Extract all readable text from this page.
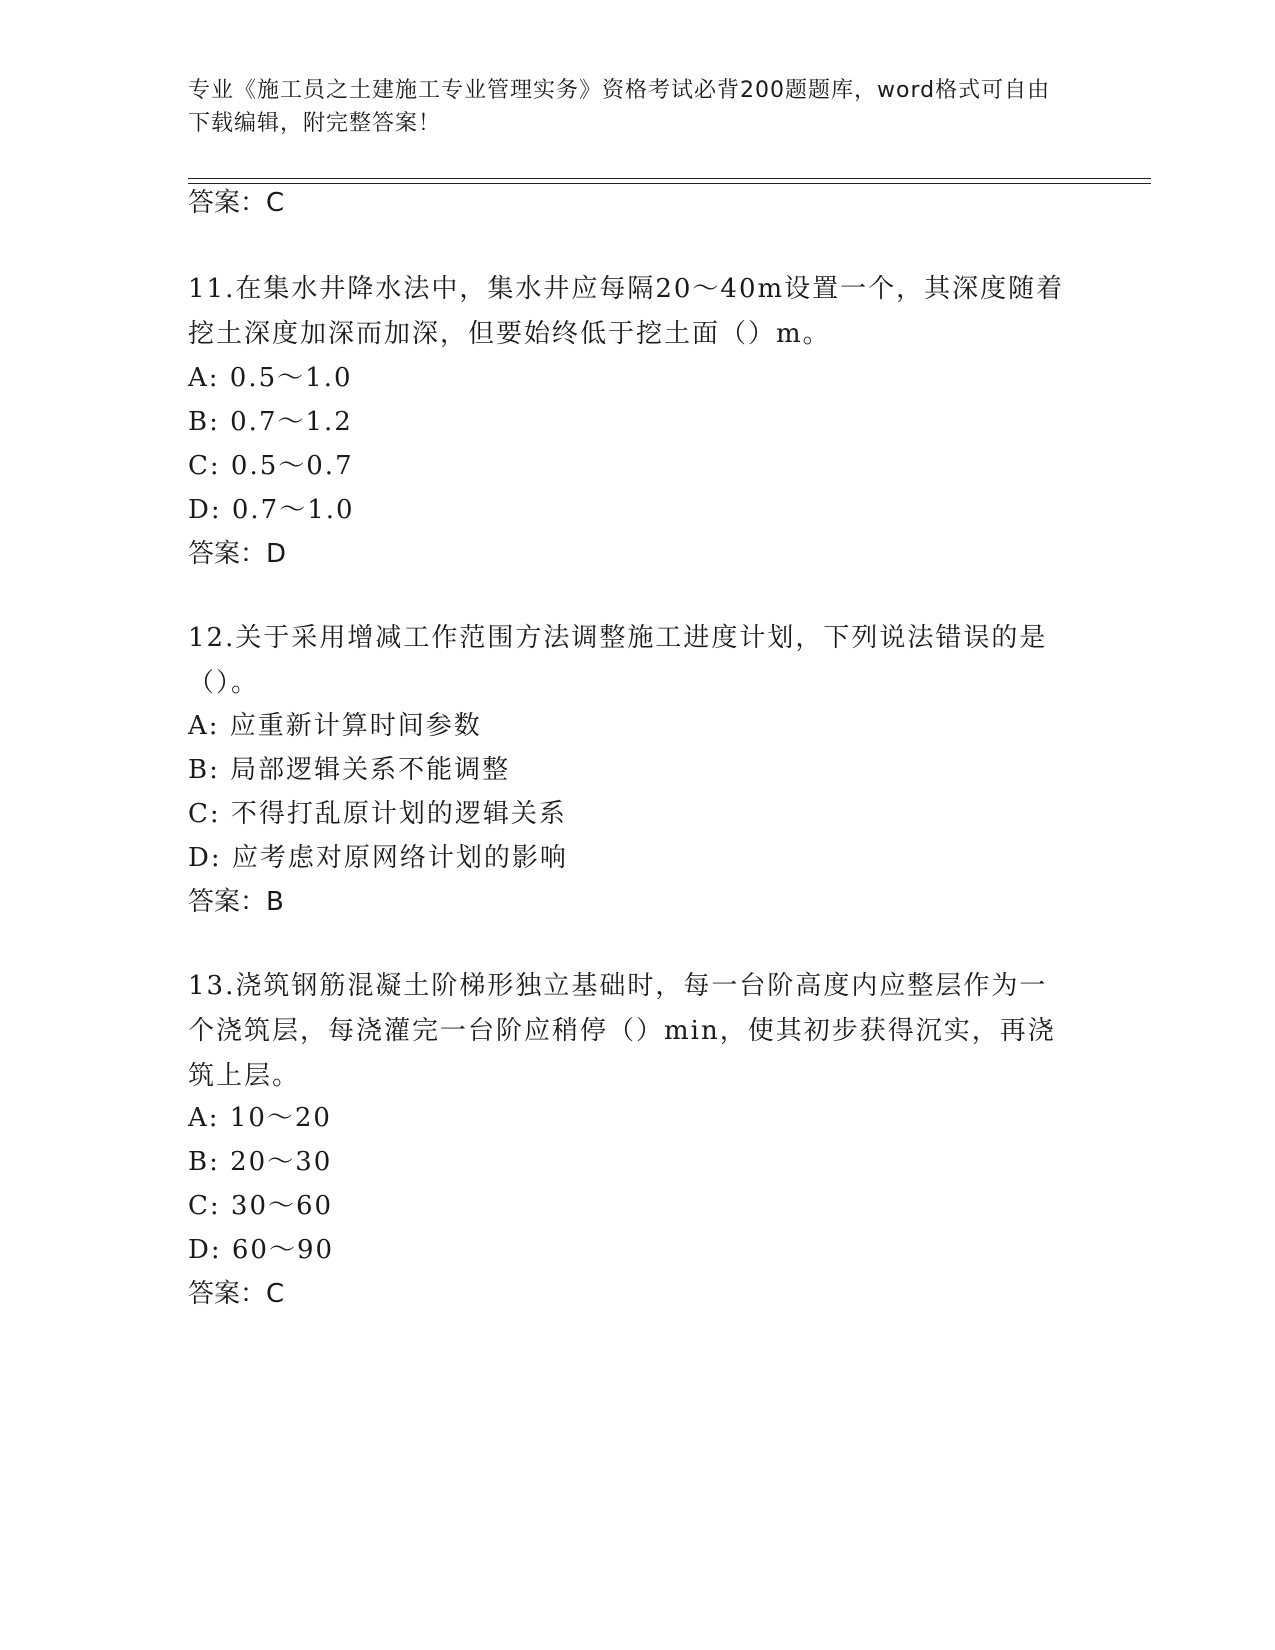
专业《施工员之土建施工专业管理实务》资格考试必背200题题库，word格式可自由下载编辑，附完整答案！
答案：C
11.在集水井降水法中，集水井应每隔20～40m设置一个，其深度随着挖土深度加深而加深，但要始终低于挖土面（）m。
A: 0.5～1.0
B: 0.7～1.2
C: 0.5～0.7
D: 0.7～1.0
答案：D
12.关于采用增减工作范围方法调整施工进度计划，下列说法错误的是（）。
A: 应重新计算时间参数
B: 局部逻辑关系不能调整
C: 不得打乱原计划的逻辑关系
D: 应考虑对原网络计划的影响
答案：B
13.浇筑钢筋混凝土阶梯形独立基础时，每一台阶高度内应整层作为一个浇筑层，每浇灌完一台阶应稍停（）min，使其初步获得沉实，再浇筑上层。
A: 10～20
B: 20～30
C: 30～60
D: 60～90
答案：C
